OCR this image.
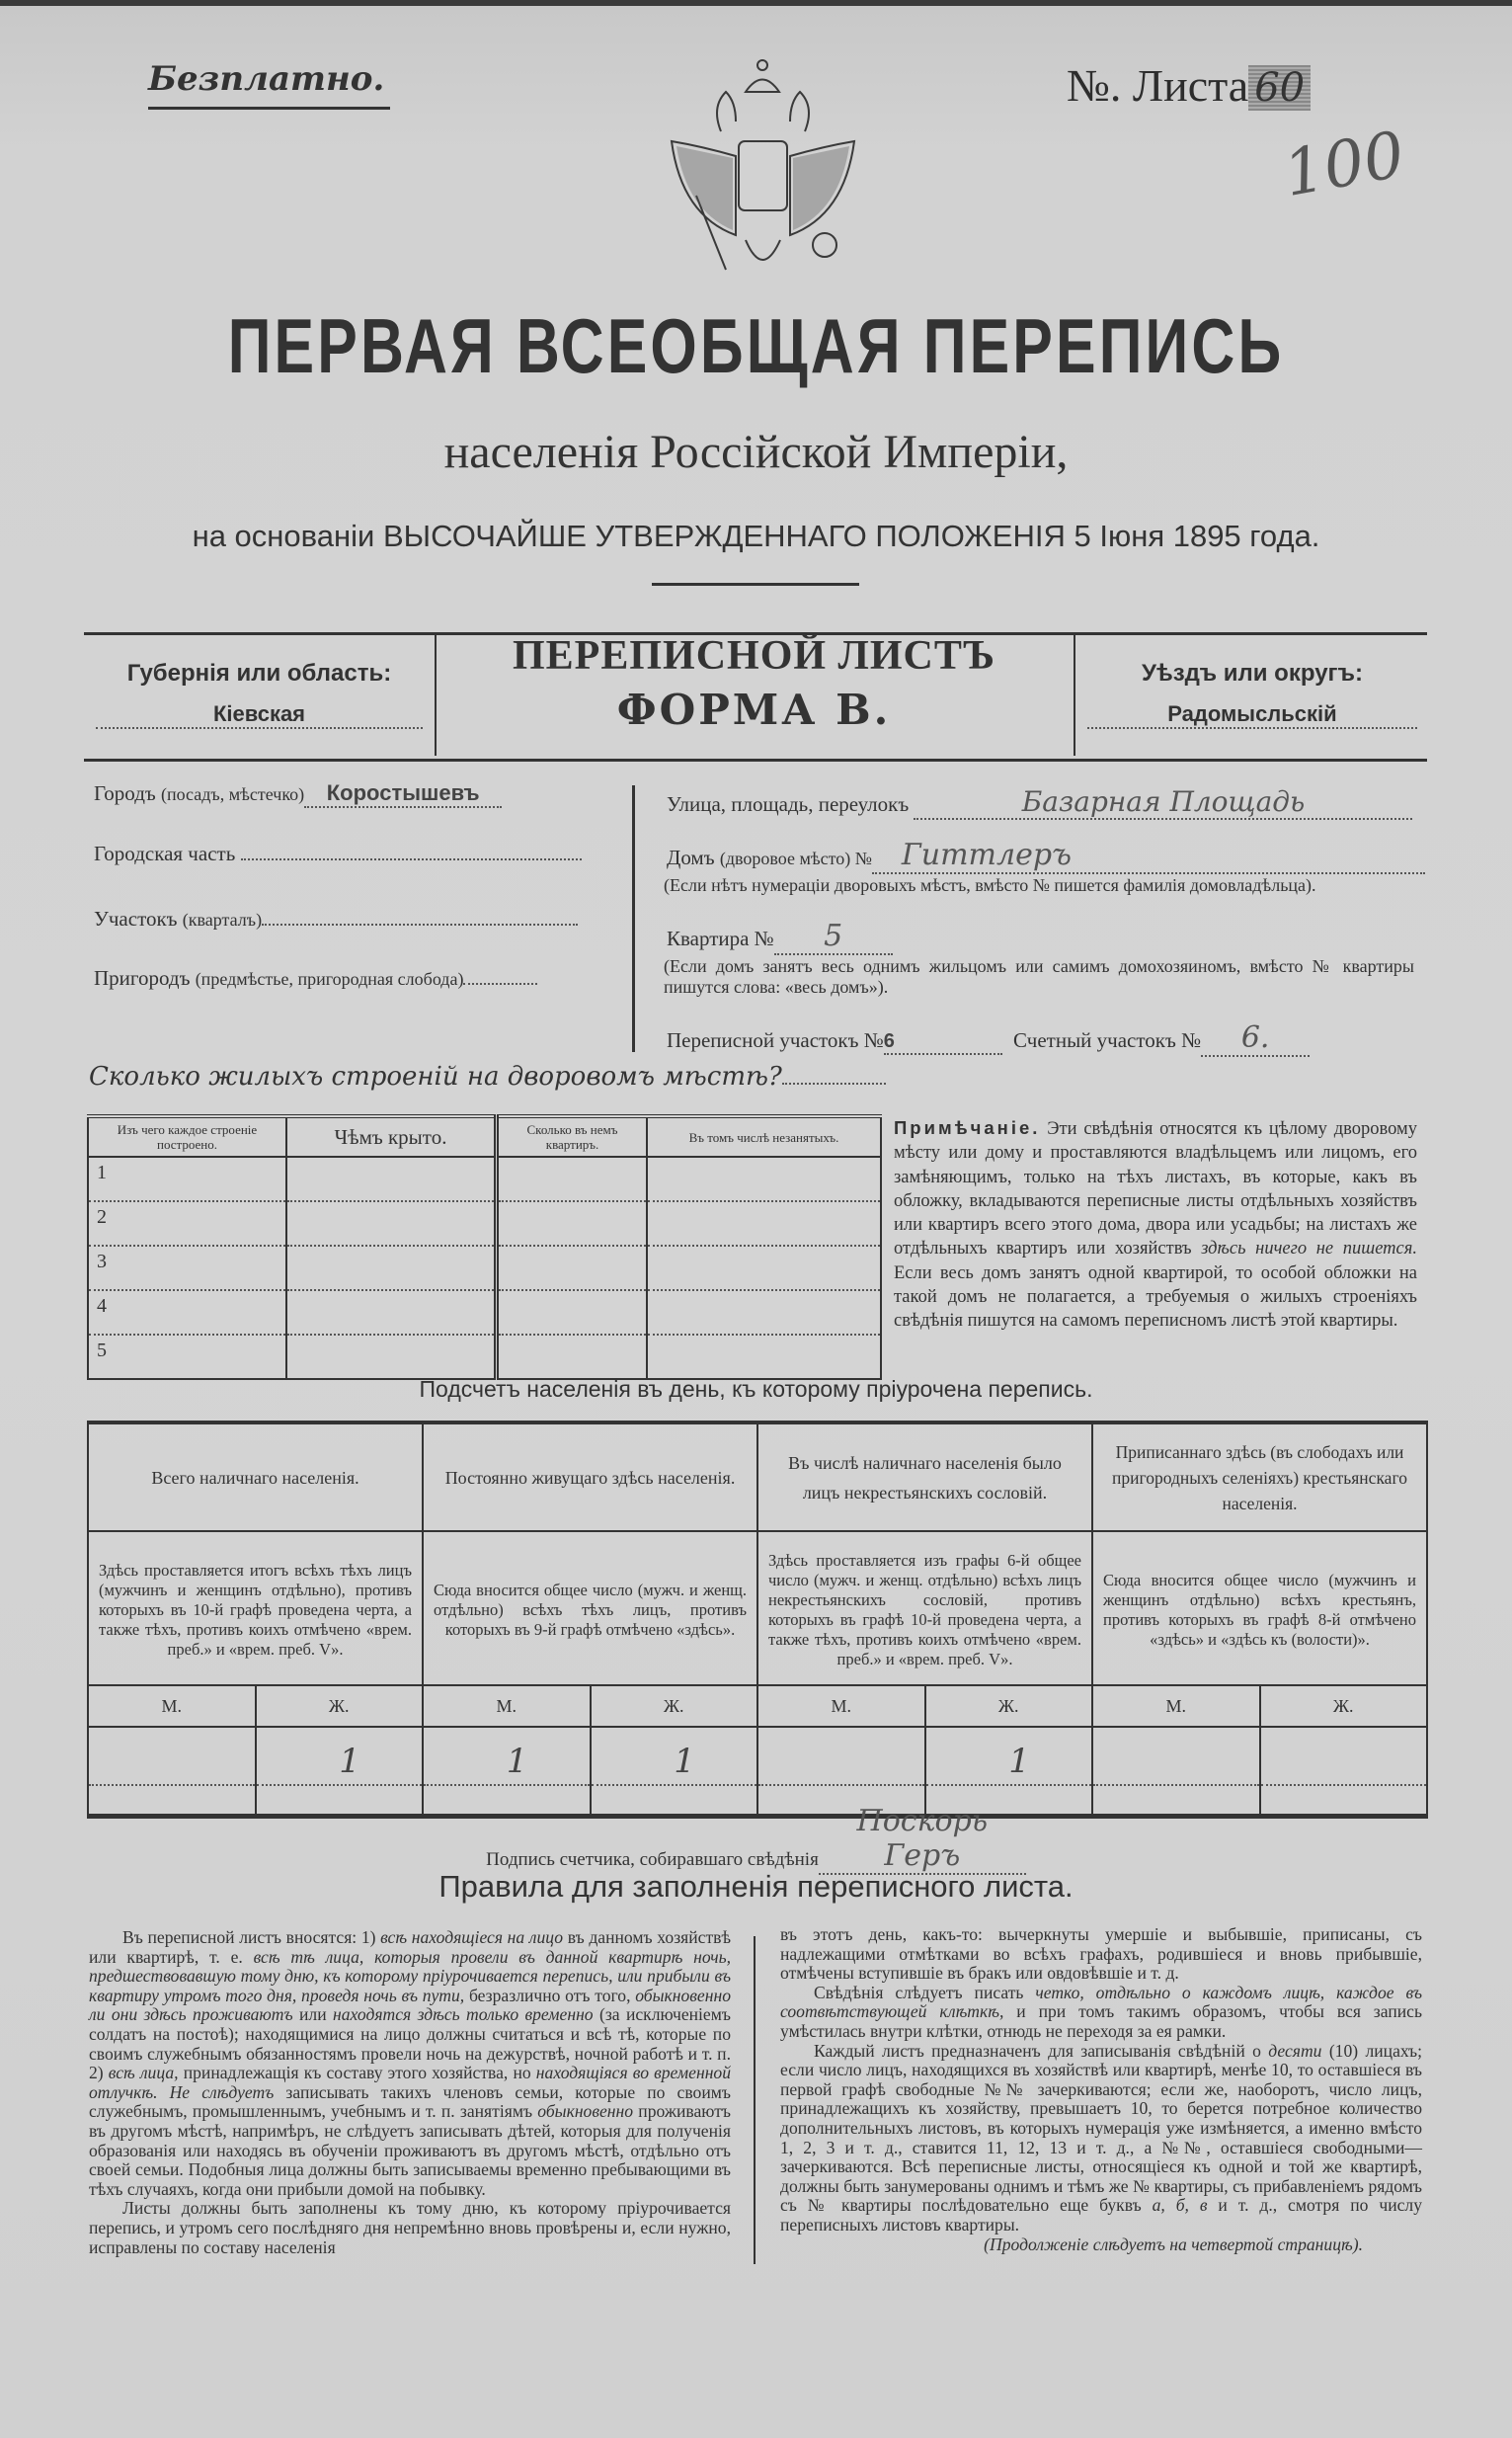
Безплатно.	№. Листа 60
100
ПЕРВАЯ ВСЕОБЩАЯ ПЕРЕПИСЬ
населенія Россійской Имперіи,
на основаніи ВЫСОЧАЙШЕ УТВЕРЖДЕННАГО ПОЛОЖЕНІЯ 5 Іюня 1895 года.
Губернія или область:
Кіевская
ПЕРЕПИСНОЙ ЛИСТЪ
ФОРМА В.
Уѣздъ или округъ:
Радомысльскій
Городъ (посадъ, мѣстечко) Коростышевъ
Городская часть
Участокъ (кварталъ)
Пригородъ (предмѣстье, пригородная слобода)
Улица, площадь, переулокъ	Базарная Площадь
Домъ (дворовое мѣсто) № Гиттлеръ
(Если нѣтъ нумераціи дворовыхъ мѣстъ, вмѣсто № пишется фамилія домовладѣльца).
Квартира № 5
(Если домъ занятъ весь однимъ жильцомъ или самимъ домохозяиномъ, вмѣсто № квартиры пишутся слова: «весь домъ»).
Переписной участокъ №6	Счетный участокъ № 6.
Сколько жилыхъ строеній на дворовомъ мѣстѣ?
Изъ чего каждое строеніе построено.	Чѣмъ крыто.	Сколько въ немъ квартиръ.	Въ томъ числѣ незанятыхъ.
1			
2			
3			
4			
5			
Примѣчаніе. Эти свѣдѣнія относятся къ цѣлому дворовому мѣсту или дому и проставляются владѣльцемъ или лицомъ, его замѣняющимъ, только на тѣхъ листахъ, въ которые, какъ въ обложку, вкладываются переписные листы отдѣльныхъ хозяйствъ или квартиръ всего этого дома, двора или усадьбы; на листахъ же отдѣльныхъ квартиръ или хозяйствъ здѣсь ничего не пишется. Если весь домъ занятъ одной квартирой, то особой обложки на такой домъ не полагается, а требуемыя о жилыхъ строеніяхъ свѣдѣнія пишутся на самомъ переписномъ листѣ этой квартиры.
Подсчетъ населенія въ день, къ которому пріурочена перепись.
Всего наличнаго населенія.		Постоянно живущаго здѣсь населенія.		Въ числѣ наличнаго населенія было лицъ некрестьянскихъ сословій.		Приписаннаго здѣсь (въ слободахъ или пригородныхъ селеніяхъ) крестьянскаго населенія.	
Здѣсь проставляется итогъ всѣхъ тѣхъ лицъ (мужчинъ и женщинъ отдѣльно), противъ которыхъ въ 10-й графѣ проведена черта, а также тѣхъ, противъ коихъ отмѣчено «врем. преб.» и «врем. преб. V».		Сюда вносится общее число (мужч. и женщ. отдѣльно) всѣхъ тѣхъ лицъ, противъ которыхъ въ 9-й графѣ отмѣчено «здѣсь».		Здѣсь проставляется изъ графы 6-й общее число (мужч. и женщ. отдѣльно) всѣхъ лицъ некрестьянскихъ сословій, противъ которыхъ въ графѣ 10-й проведена черта, а также тѣхъ, противъ коихъ отмѣчено «врем. преб.» и «врем. преб. V».		Сюда вносится общее число (мужчинъ и женщинъ отдѣльно) всѣхъ крестьянъ, противъ которыхъ въ графѣ 8-й отмѣчено «здѣсь» и «здѣсь къ (волости)».	
М.	Ж.	М.	Ж.	М.	Ж.	М.	Ж.

	1	1	1		1		

Подпись счетчика, собиравшаго свѣдѣніяПоскорь Геръ
Правила для заполненія переписного листа.

Въ переписной листъ вносятся: 1) всѣ находящіеся на лицо въ данномъ хозяйствѣ или квартирѣ, т. е. всѣ тѣ лица, которыя провели въ данной квартирѣ ночь, предшествовавшую тому дню, къ которому пріурочивается перепись, или прибыли въ квартиру утромъ того дня, проведя ночь въ пути, безразлично отъ того, обыкновенно ли они здѣсь проживаютъ или находятся здѣсь только временно (за исключеніемъ солдатъ на постоѣ); находящимися на лицо должны считаться и всѣ тѣ, которые по своимъ служебнымъ обязанностямъ провели ночь на дежурствѣ, ночной работѣ и т. п. 2) всѣ лица, принадлежащія къ составу этого хозяйства, но находящіяся во временной отлучкѣ. Не слѣдуетъ записывать такихъ членовъ семьи, которые по своимъ служебнымъ, промышленнымъ, учебнымъ и т. п. занятіямъ обыкновенно проживаютъ въ другомъ мѣстѣ, напримѣръ, не слѣдуетъ записывать дѣтей, которыя для полученія образованія или находясь въ обученіи проживаютъ въ другомъ мѣстѣ, отдѣльно отъ своей семьи. Подобныя лица должны быть записываемы временно пребывающими въ тѣхъ случаяхъ, когда они прибыли домой на побывку.

Листы должны быть заполнены къ тому дню, къ которому пріурочивается перепись, и утромъ сего послѣдняго дня непремѣнно вновь провѣрены и, если нужно, исправлены по составу населенія

въ этотъ день, какъ-то: вычеркнуты умершіе и выбывшіе, приписаны, съ надлежащими отмѣтками во всѣхъ графахъ, родившіеся и вновь прибывшіе, отмѣчены вступившіе въ бракъ или овдовѣвшіе и т. д.

Свѣдѣнія слѣдуетъ писать четко, отдѣльно о каждомъ лицѣ, каждое въ соотвѣтствующей клѣткѣ, и при томъ такимъ образомъ, чтобы вся запись умѣстилась внутри клѣтки, отнюдь не переходя за ея рамки.

Каждый листъ предназначенъ для записыванія свѣдѣній о десяти (10) лицахъ; если число лицъ, находящихся въ хозяйствѣ или квартирѣ, менѣе 10, то оставшіеся въ первой графѣ свободные №№ зачеркиваются; если же, наоборотъ, число лицъ, принадлежащихъ къ хозяйству, превышаетъ 10, то берется потребное количество дополнительныхъ листовъ, въ которыхъ нумерація уже измѣняется, а именно вмѣсто 1, 2, 3 и т. д., ставится 11, 12, 13 и т. д., а №№, оставшіеся свободными—зачеркиваются. Всѣ переписные листы, относящіеся къ одной и той же квартирѣ, должны быть занумерованы однимъ и тѣмъ же № квартиры, съ прибавленіемъ рядомъ съ № квартиры послѣдовательно еще буквъ а, б, в и т. д., смотря по числу переписныхъ листовъ квартиры.

(Продолженіе слѣдуетъ на четвертой страницѣ).
